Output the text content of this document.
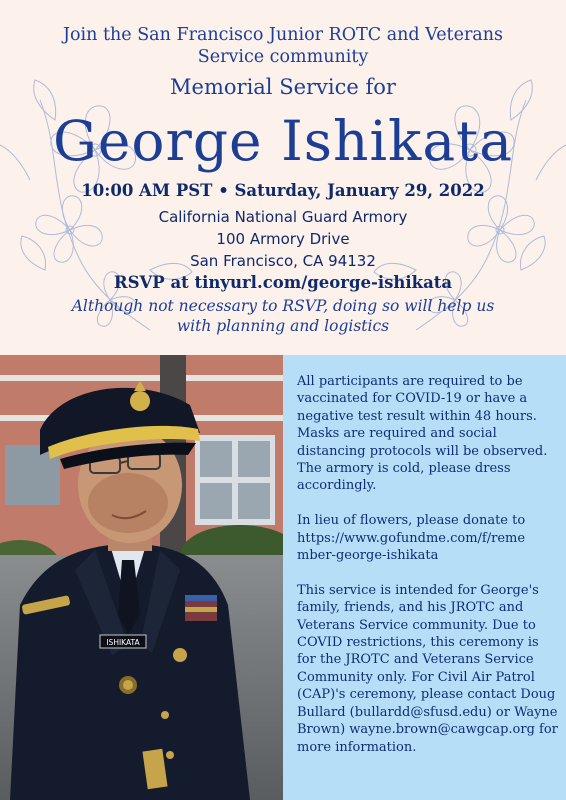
Join the San Francisco Junior ROTC and Veterans Service community
Memorial Service for
George Ishikata
10:00 AM PST • Saturday, January 29, 2022
California National Guard Armory
100 Armory Drive
San Francisco, CA 94132
RSVP at tinyurl.com/george-ishikata
Although not necessary to RSVP, doing so will help us with planning and logistics
ISHIKATA

All participants are required to be vaccinated for COVID-19 or have a negative test result within 48 hours. Masks are required and social distancing protocols will be observed. The armory is cold, please dress accordingly.

In lieu of flowers, please donate to https://www.gofundme.com/f/reme mber-george-ishikata

This service is intended for George's family, friends, and his JROTC and Veterans Service community. Due to COVID restrictions, this ceremony is for the JROTC and Veterans Service Community only. For Civil Air Patrol (CAP)'s ceremony, please contact Doug Bullard (bullardd@sfusd.edu) or Wayne Brown) wayne.brown@cawgcap.org for more information.
